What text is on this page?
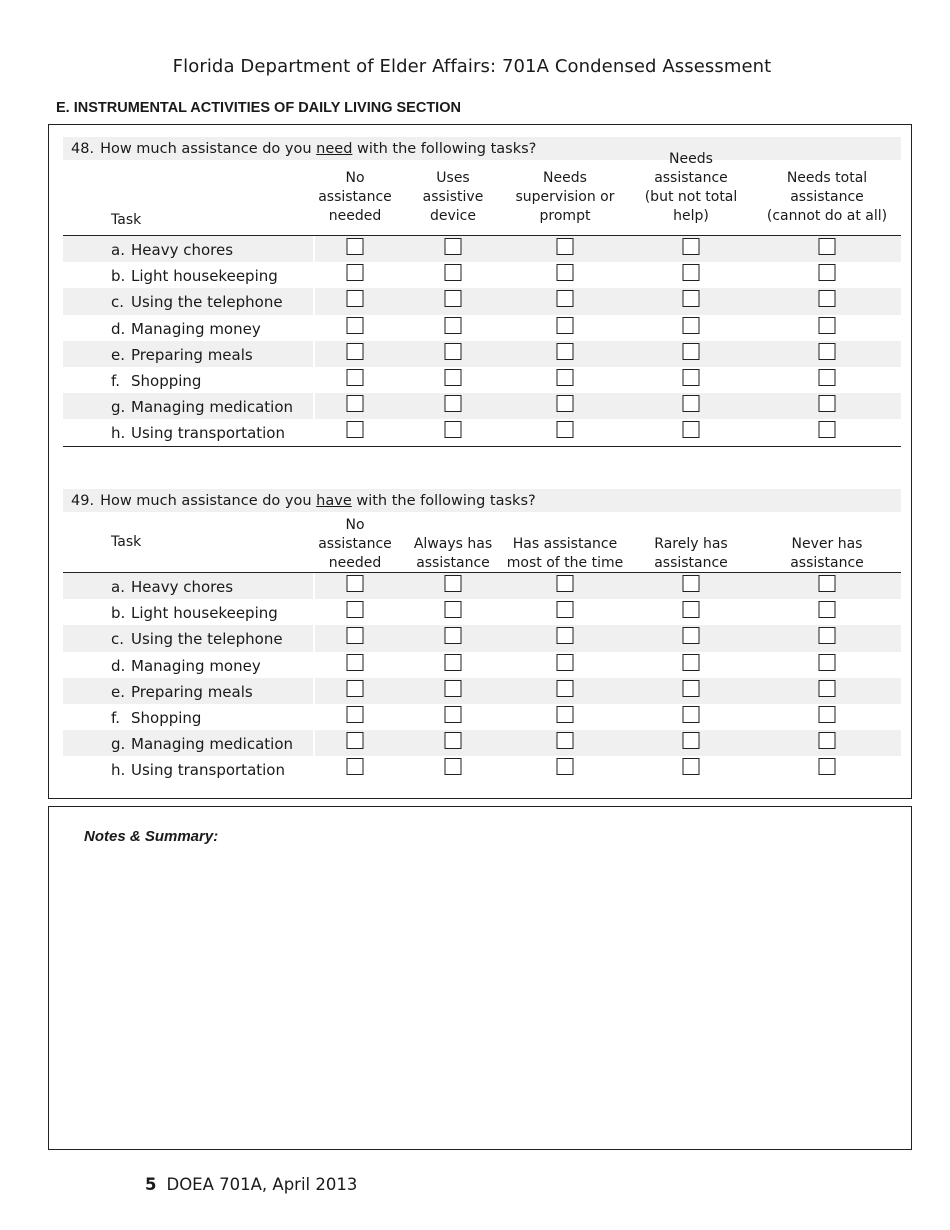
Florida Department of Elder Affairs: 701A Condensed Assessment
E. INSTRUMENTAL ACTIVITIES OF DAILY LIVING SECTION
48. How much assistance do you need with the following tasks?
Task
No
assistance
needed
Uses
assistive
device
Needs
supervision or
prompt
Needs
assistance
(but not total
help)
Needs total
assistance
(cannot do at all)
a. Heavy chores
b. Light housekeeping
c. Using the telephone
d. Managing money
e. Preparing meals
f. Shopping
g. Managing medication
h. Using transportation
49. How much assistance do you have with the following tasks?
Task
No
assistance
needed
Always has
assistance
Has assistance
most of the time
Rarely has
assistance
Never has
assistance
a. Heavy chores
b. Light housekeeping
c. Using the telephone
d. Managing money
e. Preparing meals
f. Shopping
g. Managing medication
h. Using transportation
Notes & Summary:
5 DOEA 701A, April 2013
